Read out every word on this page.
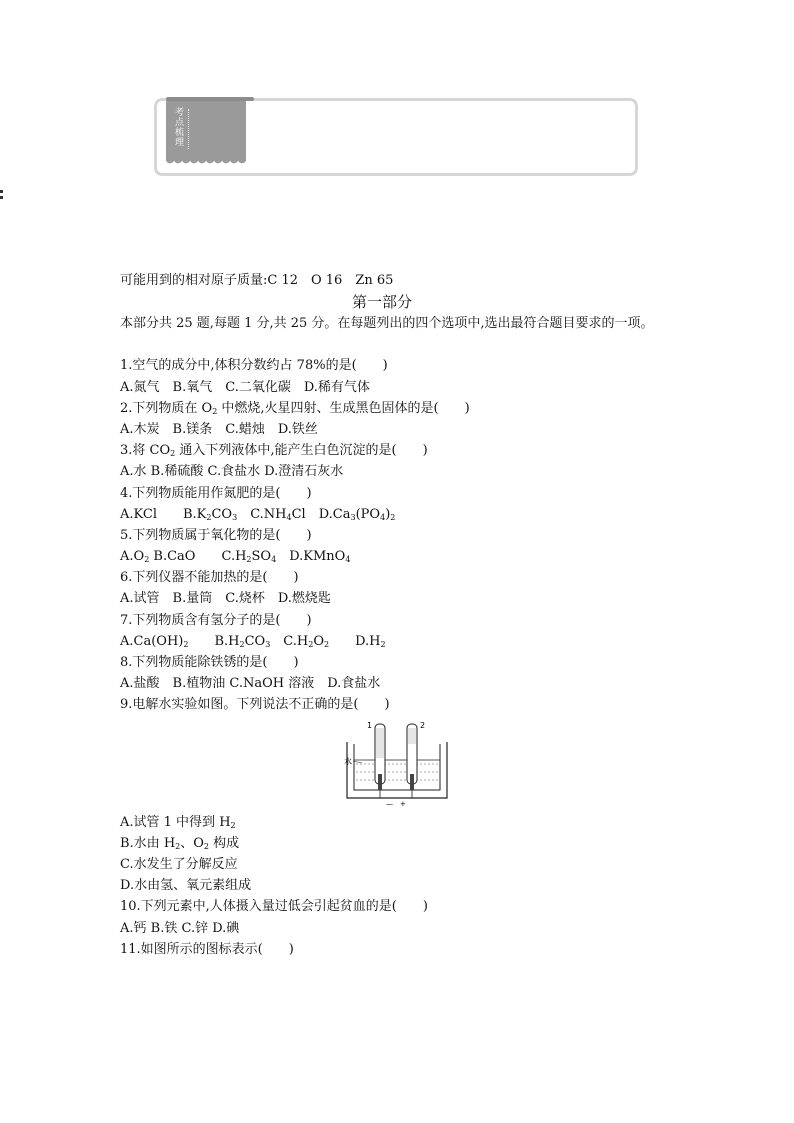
考点梳理
可能用到的相对原子质量:C 12　O 16　Zn 65
第一部分
本部分共 25 题,每题 1 分,共 25 分。在每题列出的四个选项中,选出最符合题目要求的一项。
1.空气的成分中,体积分数约占 78%的是(　　)
A.氮气　B.氧气　C.二氧化碳　D.稀有气体
2.下列物质在 $O_2$ 中燃烧,火星四射、生成黑色固体的是(　　)
A.木炭　B.镁条　C.蜡烛　D.铁丝
3.将 $CO_2$ 通入下列液体中,能产生白色沉淀的是(　　)
A.水 B.稀硫酸 C.食盐水 D.澄清石灰水
4.下列物质能用作氮肥的是(　　)
A.KCl　　$B.K_2CO_3$　$C.NH_4Cl$　$D.Ca_3(PO_4)_2$
5.下列物质属于氧化物的是(　　)
$A.O_2$ B.CaO　　$C.H_2SO_4$　D.KMnO$_4$
6.下列仪器不能加热的是(　　)
A.试管　B.量筒　C.烧杯　D.燃烧匙
7.下列物质含有氢分子的是(　　)
$A.Ca(OH)_2$　　$B.H_2CO_3$　$C.H_2O_2$　　$D.H_2$
8.下列物质能除铁锈的是(　　)
A.盐酸　B.植物油 C.NaOH 溶液　D.食盐水
9.电解水实验如图。下列说法不正确的是(　　)
1	2
水
—　+
A.试管 1 中得到 $H_2$
B.水由 $H_2$、$O_2$ 构成
C.水发生了分解反应
D.水由氢、氧元素组成
10.下列元素中,人体摄入量过低会引起贫血的是(　　)
A.钙 B.铁 C.锌 D.碘
11.如图所示的图标表示(　　)
